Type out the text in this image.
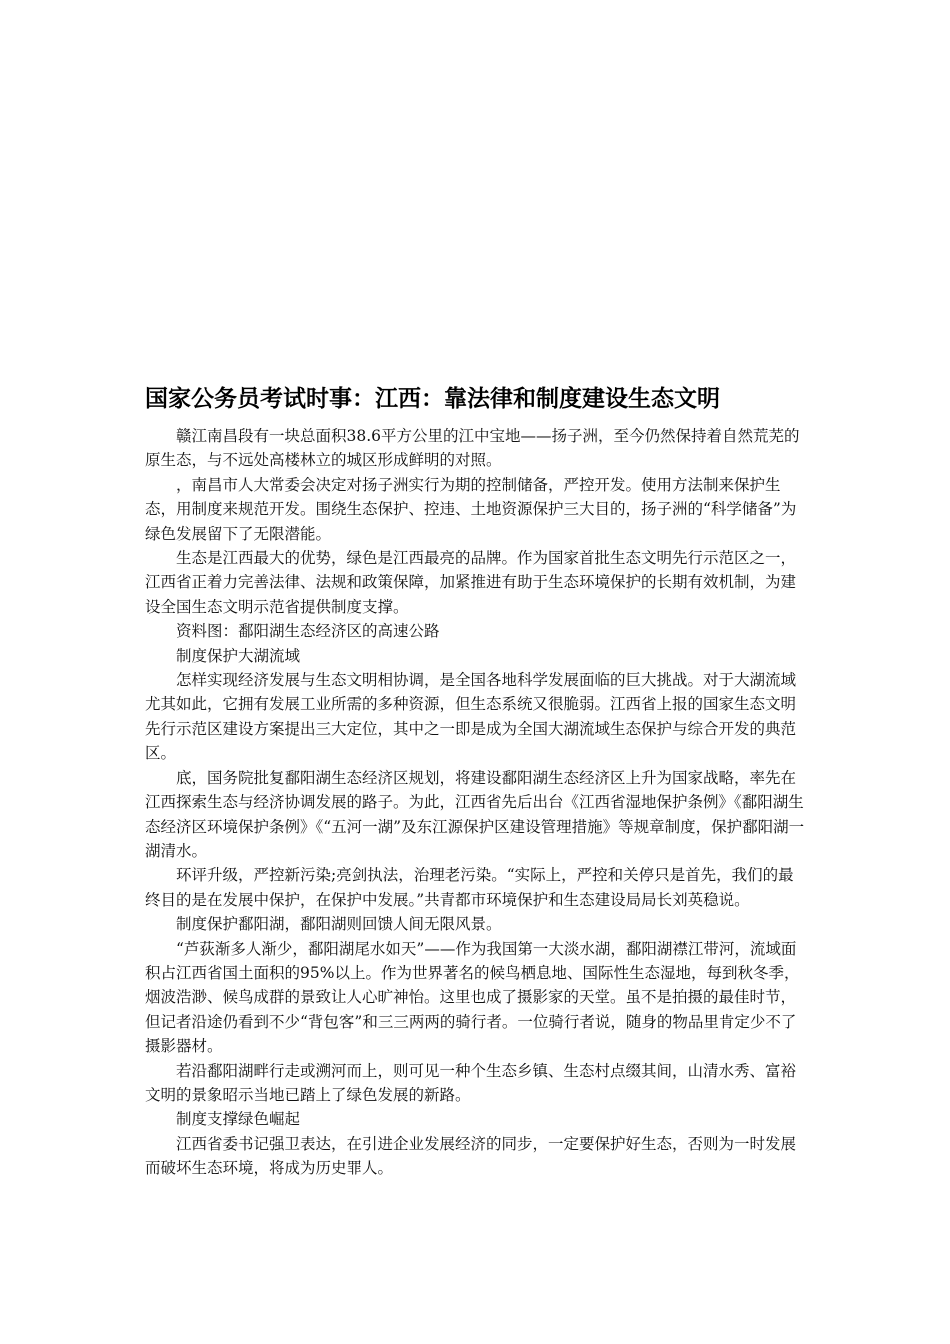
国家公务员考试时事：江西：靠法律和制度建设生态文明

赣江南昌段有一块总面积38.6平方公里的江中宝地——扬子洲，至今仍然保持着自然荒芜的原生态，与不远处高楼林立的城区形成鲜明的对照。

，南昌市人大常委会决定对扬子洲实行为期的控制储备，严控开发。使用方法制来保护生态，用制度来规范开发。围绕生态保护、控违、土地资源保护三大目的，扬子洲的“科学储备”为绿色发展留下了无限潜能。

生态是江西最大的优势，绿色是江西最亮的品牌。作为国家首批生态文明先行示范区之一，江西省正着力完善法律、法规和政策保障，加紧推进有助于生态环境保护的长期有效机制，为建设全国生态文明示范省提供制度支撑。

资料图：鄱阳湖生态经济区的高速公路

制度保护大湖流域

怎样实现经济发展与生态文明相协调，是全国各地科学发展面临的巨大挑战。对于大湖流域尤其如此，它拥有发展工业所需的多种资源，但生态系统又很脆弱。江西省上报的国家生态文明先行示范区建设方案提出三大定位，其中之一即是成为全国大湖流域生态保护与综合开发的典范区。

底，国务院批复鄱阳湖生态经济区规划，将建设鄱阳湖生态经济区上升为国家战略，率先在江西探索生态与经济协调发展的路子。为此，江西省先后出台《江西省湿地保护条例》《鄱阳湖生态经济区环境保护条例》《“五河一湖”及东江源保护区建设管理措施》等规章制度，保护鄱阳湖一湖清水。

环评升级，严控新污染;亮剑执法，治理老污染。“实际上，严控和关停只是首先，我们的最终目的是在发展中保护，在保护中发展。”共青都市环境保护和生态建设局局长刘英稳说。

制度保护鄱阳湖，鄱阳湖则回馈人间无限风景。

“芦荻渐多人渐少，鄱阳湖尾水如天”——作为我国第一大淡水湖，鄱阳湖襟江带河，流域面积占江西省国土面积的95%以上。作为世界著名的候鸟栖息地、国际性生态湿地，每到秋冬季，烟波浩渺、候鸟成群的景致让人心旷神怡。这里也成了摄影家的天堂。虽不是拍摄的最佳时节，但记者沿途仍看到不少“背包客”和三三两两的骑行者。一位骑行者说，随身的物品里肯定少不了摄影器材。

若沿鄱阳湖畔行走或溯河而上，则可见一种个生态乡镇、生态村点缀其间，山清水秀、富裕文明的景象昭示当地已踏上了绿色发展的新路。

制度支撑绿色崛起

江西省委书记强卫表达，在引进企业发展经济的同步，一定要保护好生态，否则为一时发展而破坏生态环境，将成为历史罪人。
